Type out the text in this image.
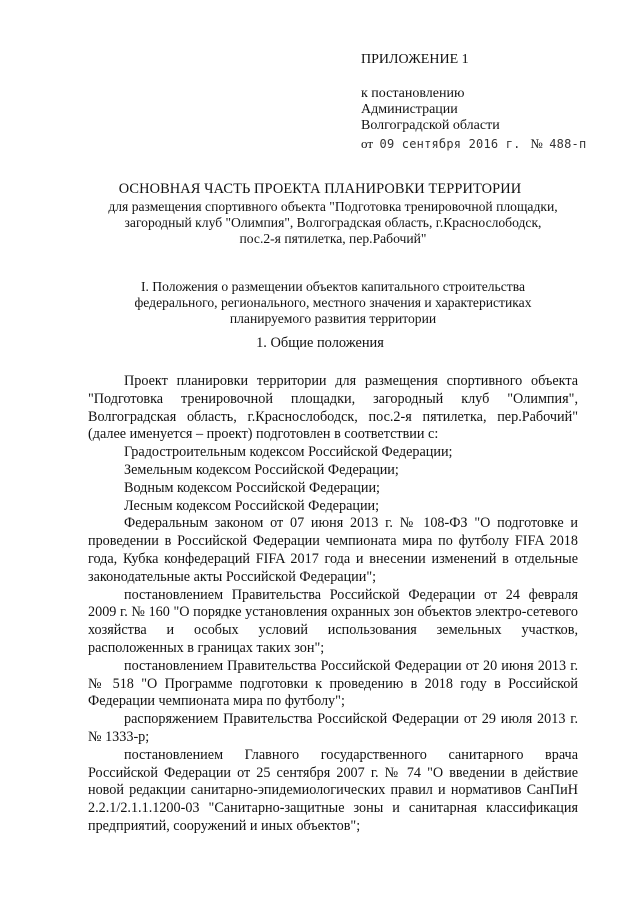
ПРИЛОЖЕНИЕ 1
к постановлению
Администрации
Волгоградской области
от 09 сентября 2016 г. № 488-п
ОСНОВНАЯ ЧАСТЬ ПРОЕКТА ПЛАНИРОВКИ ТЕРРИТОРИИ
для размещения спортивного объекта "Подготовка тренировочной площадки,
загородный клуб "Олимпия", Волгоградская область, г.Краснослободск,
пос.2-я пятилетка, пер.Рабочий"
I. Положения о размещении объектов капитального строительства
федерального, регионального, местного значения и характеристиках
планируемого развития территории
1. Общие положения

Проект планировки территории для размещения спортивного объекта "Подготовка тренировочной площадки, загородный клуб "Олимпия", Волгоградская область, г.Краснослободск, пос.2-я пятилетка, пер.Рабочий" (далее именуется – проект) подготовлен в соответствии с:

Градостроительным кодексом Российской Федерации;

Земельным кодексом Российской Федерации;

Водным кодексом Российской Федерации;

Лесным кодексом Российской Федерации;

Федеральным законом от 07 июня 2013 г. № 108-ФЗ "О подготовке и проведении в Российской Федерации чемпионата мира по футболу FIFA 2018 года, Кубка конфедераций FIFA 2017 года и внесении изменений в отдельные законодательные акты Российской Федерации";

постановлением Правительства Российской Федерации от 24 февраля 2009 г. № 160 "О порядке установления охранных зон объектов электро-сетевого хозяйства и особых условий использования земельных участков, расположенных в границах таких зон";

постановлением Правительства Российской Федерации от 20 июня 2013 г. № 518 "О Программе подготовки к проведению в 2018 году в Российской Федерации чемпионата мира по футболу";

распоряжением Правительства Российской Федерации от 29 июля 2013 г. № 1333-р;

постановлением Главного государственного санитарного врача Российской Федерации от 25 сентября 2007 г. № 74 "О введении в действие новой редакции санитарно-эпидемиологических правил и нормативов СанПиН 2.2.1/2.1.1.1200-03 "Санитарно-защитные зоны и санитарная классификация предприятий, сооружений и иных объектов";
